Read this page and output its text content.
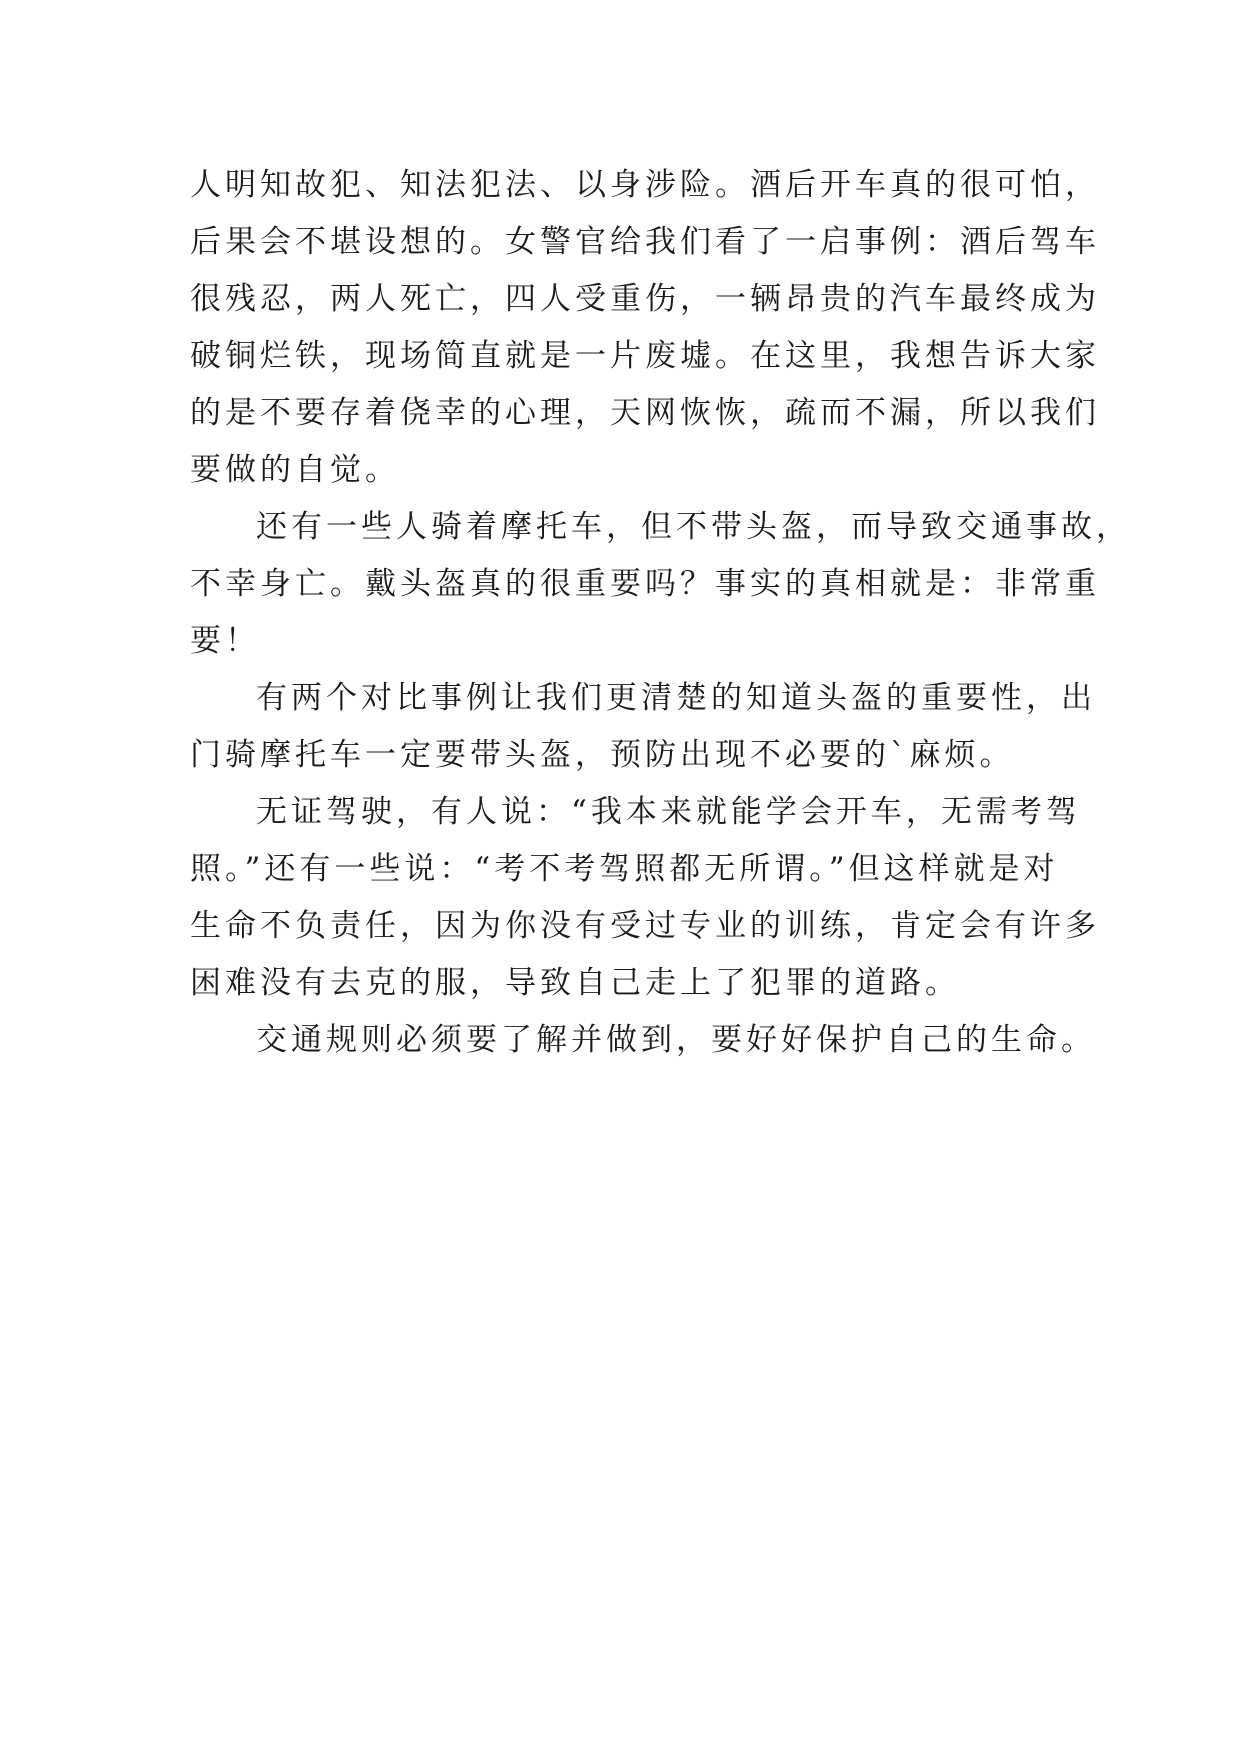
人明知故犯、知法犯法、以身涉险。酒后开车真的很可怕，
后果会不堪设想的。女警官给我们看了一启事例：酒后驾车
很残忍，两人死亡，四人受重伤，一辆昂贵的汽车最终成为
破铜烂铁，现场简直就是一片废墟。在这里，我想告诉大家
的是不要存着侥幸的心理，天网恢恢，疏而不漏，所以我们
要做的自觉。
还有一些人骑着摩托车，但不带头盔，而导致交通事故，
不幸身亡。戴头盔真的很重要吗？事实的真相就是：非常重
要！
有两个对比事例让我们更清楚的知道头盔的重要性，出
门骑摩托车一定要带头盔，预防出现不必要的`麻烦。
无证驾驶，有人说：“我本来就能学会开车，无需考驾
照。”还有一些说：“考不考驾照都无所谓。”但这样就是对
生命不负责任，因为你没有受过专业的训练，肯定会有许多
困难没有去克的服，导致自己走上了犯罪的道路。
交通规则必须要了解并做到，要好好保护自己的生命。
